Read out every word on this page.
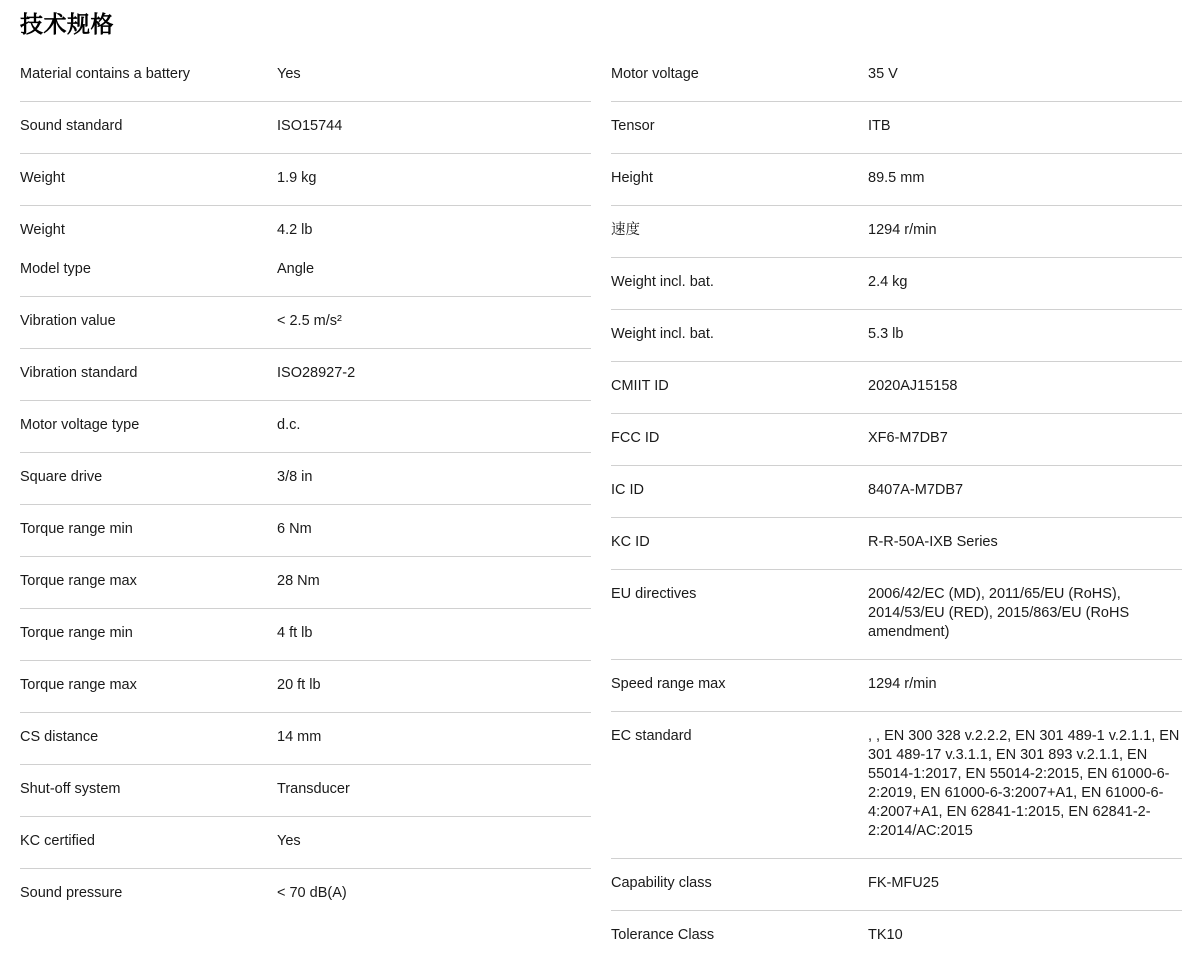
技术规格
Material contains a battery	Yes
Sound standard	ISO15744
Weight	1.9 kg
Weight	4.2 lb
Model type	Angle
Vibration value	< 2.5 m/s²
Vibration standard	ISO28927-2
Motor voltage type	d.c.
Square drive	3/8 in
Torque range min	6 Nm
Torque range max	28 Nm
Torque range min	4 ft lb
Torque range max	20 ft lb
CS distance	14 mm
Shut-off system	Transducer
KC certified	Yes
Sound pressure	< 70 dB(A)
Motor voltage	35 V
Tensor	ITB
Height	89.5 mm
速度	1294 r/min
Weight incl. bat.	2.4 kg
Weight incl. bat.	5.3 lb
CMIIT ID	2020AJ15158
FCC ID	XF6-M7DB7
IC ID	8407A-M7DB7
KC ID	R-R-50A-IXB Series
EU directives	2006/42/EC (MD), 2011/65/EU (RoHS), 2014/53/EU (RED), 2015/863/EU (RoHS amendment)
Speed range max	1294 r/min
EC standard	, , EN 300 328 v.2.2.2, EN 301 489-1 v.2.1.1, EN 301 489-17 v.3.1.1, EN 301 893 v.2.1.1, EN 55014-1:2017, EN 55014-2:2015, EN 61000-6-2:2019, EN 61000-6-3:2007+A1, EN 61000-6-4:2007+A1, EN 62841-1:2015, EN 62841-2-2:2014/AC:2015
Capability class	FK-MFU25
Tolerance Class	TK10
